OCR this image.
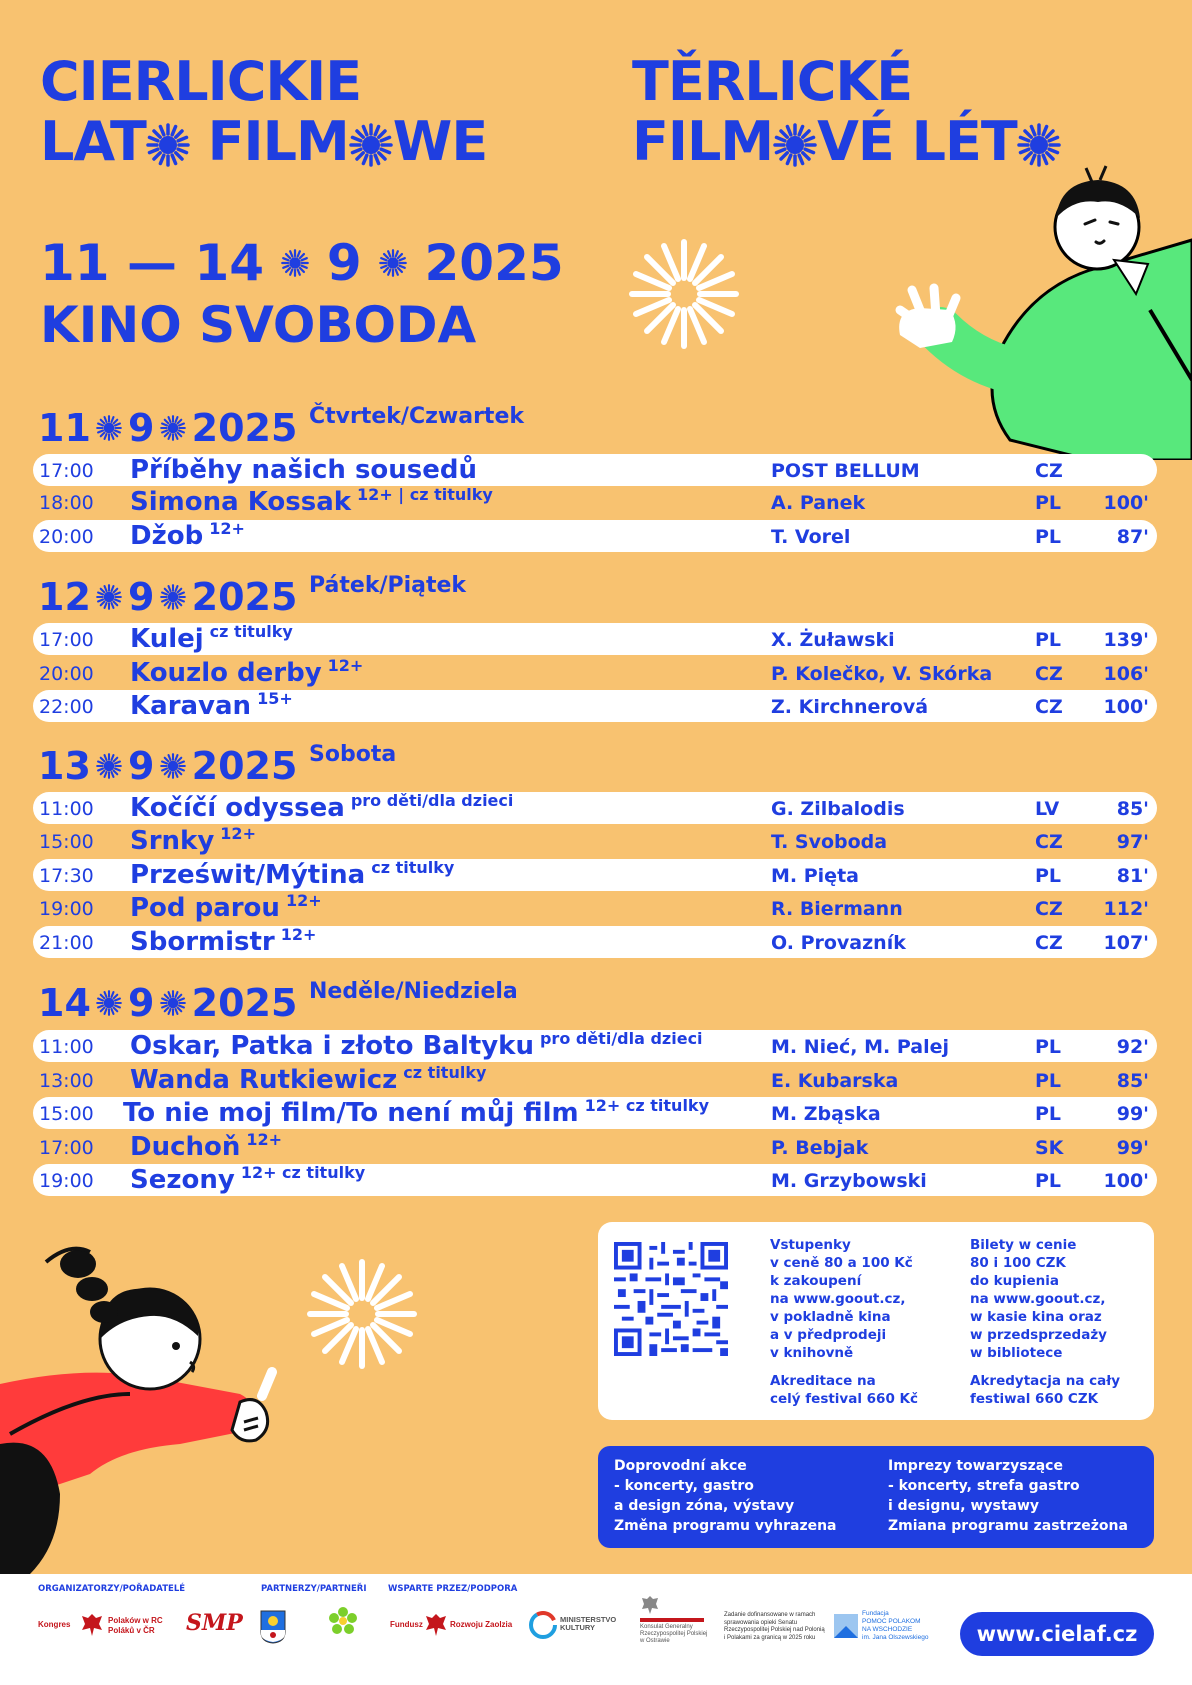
CIERLICKIE
LAT FILM WE
TĚRLICKÉ
FILM VÉ LÉT
11 — 14 9 2025
KINO SVOBODA
11 9 2025 Čtvrtek/Czwartek
17:00 Příběhy našich sousedů	POST BELLUM	CZ
18:00 Simona Kossak $^{12+ | cz titulky}$	A. Panek	PL 100'
20:00 Džob $^{12+}$	T. Vorel	PL	87'
12 9 2025 Pátek/Piątek
17:00 Kulej $^{cz titulky}$	X. Żuławski	PL 139'
20:00 Kouzlo derby $^{12+}$	P. Kolečko, V. Skórka CZ 106'
22:00 Karavan $^{15+}$	Z. Kirchnerová	CZ 100'
13 9 2025 Sobota
11:00 Kočíčí odyssea $^{pro děti/dla dzieci}$	G. Zilbalodis	LV	85'
15:00 Srnky $^{12+}$	T. Svoboda	CZ	97'
17:30 Prześwit/Mýtina $^{cz titulky}$	M. Pięta	PL	81'
19:00 Pod parou $^{12+}$	R. Biermann	CZ 112'
21:00 Sbormistr $^{12+}$	O. Provazník	CZ 107'
14 9 2025 Neděle/Niedziela
11:00 Oskar, Patka i złoto Baltyku $^{pro děti/dla dzieci}$	M. Nieć, M. Palej	PL	92'
13:00 Wanda Rutkiewicz $^{cz titulky}$	E. Kubarska	PL	85'
15:00 To nie moj film/To není můj film $^{12+ cz titulky}$	M. Zbąska	PL	99'
17:00 Duchoň $^{12+}$	P. Bebjak	SK	99'
19:00 Sezony $^{12+ cz titulky}$	M. Grzybowski	PL 100'
Vstupenky
v ceně 80 a 100 Kč
k zakoupení
na www.goout.cz,
v pokladně kina
a v předprodeji
v knihovně
Akreditace na
celý festival 660 Kč
Bilety w cenie
80 i 100 CZK
do kupienia
na www.goout.cz,
w kasie kina oraz
w przedsprzedaży
w bibliotece
Akredytacja na cały
festiwal 660 CZK
Doprovodní akce
- koncerty, gastro
a design zóna, výstavy
Změna programu vyhrazena
Imprezy towarzyszące
- koncerty, strefa gastro
i designu, wystawy
Zmiana programu zastrzeżona
ORGANIZATORZY/POŘADATELÉ	PARTNERZY/PARTNEŘI	WSPARTE PRZEZ/PODPORA
Kongres	Polaków w RC
Poláků v ČR SMP	Fundusz	Rozwoju Zaolzia
MINISTERSTVO
KULTURY	Konsulat Generalny
Rzeczypospolitej Polskiej
w Ostrawie
Zadanie dofinansowane w ramach
sprawowania opieki Senatu
Rzeczypospolitej Polskiej nad Polonią
i Polakami za granicą w 2025 roku
Fundacja
POMOC POLAKOM
NA WSCHODZIE
im. Jana Olszewskiego	www.cielaf.cz
